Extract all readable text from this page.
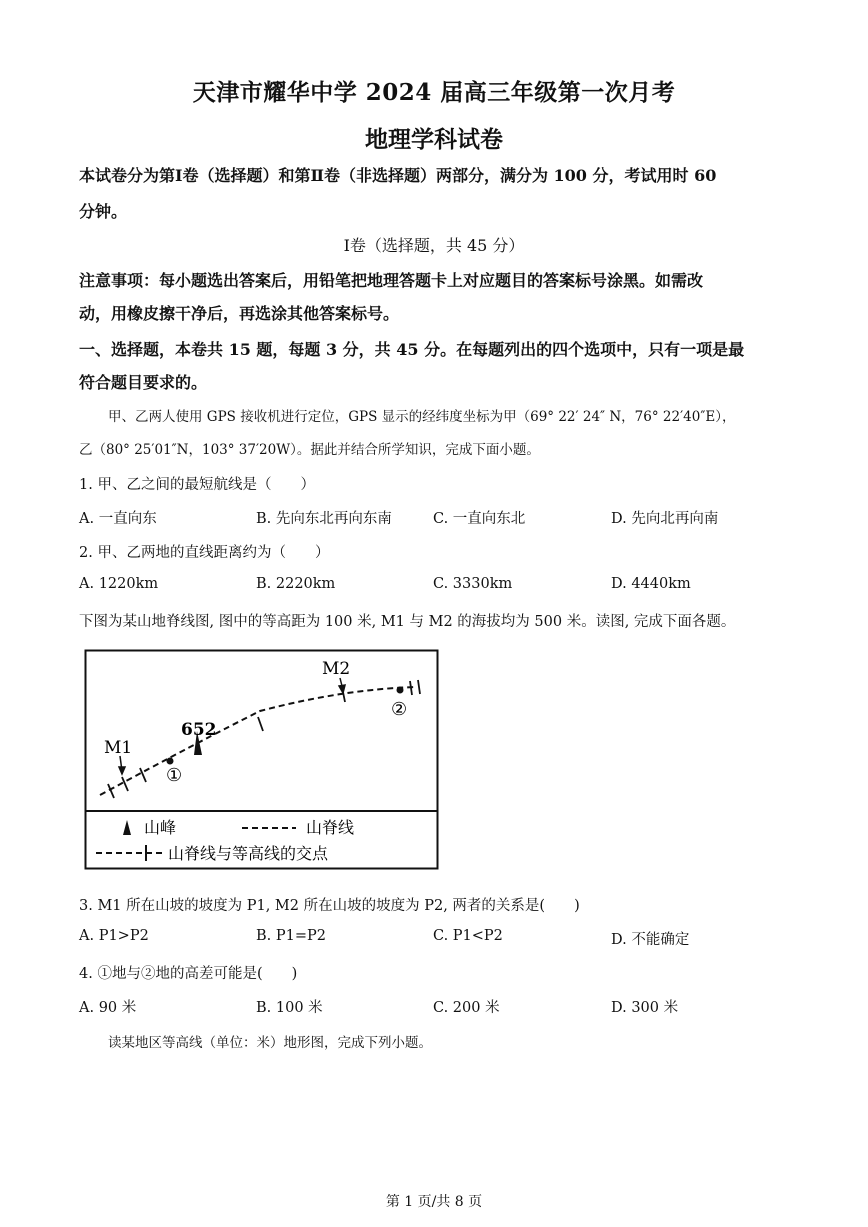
天津市耀华中学 2024 届高三年级第一次月考
地理学科试卷
本试卷分为第Ⅰ卷（选择题）和第Ⅱ卷（非选择题）两部分，满分为 100 分，考试用时 60
分钟。
Ⅰ卷（选择题，共 45 分）
注意事项：每小题选出答案后，用铅笔把地理答题卡上对应题目的答案标号涂黑。如需改
动，用橡皮擦干净后，再选涂其他答案标号。
一、选择题，本卷共 15 题，每题 3 分，共 45 分。在每题列出的四个选项中，只有一项是最
符合题目要求的。
甲、乙两人使用 GPS 接收机进行定位，GPS 显示的经纬度坐标为甲（69° 22′ 24″ N，76° 22′40″E），
乙（80° 25′01″N，103° 37′20W）。据此并结合所学知识，完成下面小题。
1. 甲、乙之间的最短航线是（　　）
A. 一直向东	B. 先向东北再向东南	C. 一直向东北	D. 先向北再向南
2. 甲、乙两地的直线距离约为（　　）
A. 1220km	B. 2220km	C. 3330km	D. 4440km
下图为某山地脊线图, 图中的等高距为 100 米, M1 与 M2 的海拔均为 500 米。读图, 完成下面各题。
M1
M2
652
①
②
山峰	山脊线
山脊线与等高线的交点
3. M1 所在山坡的坡度为 P1, M2 所在山坡的坡度为 P2, 两者的关系是(　　)
A. P1>P2	B. P1=P2	C. P1<P2	D. 不能确定
4. ①地与②地的高差可能是(　　)
A. 90 米	B. 100 米	C. 200 米	D. 300 米
读某地区等高线（单位：米）地形图，完成下列小题。
第 1 页/共 8 页
